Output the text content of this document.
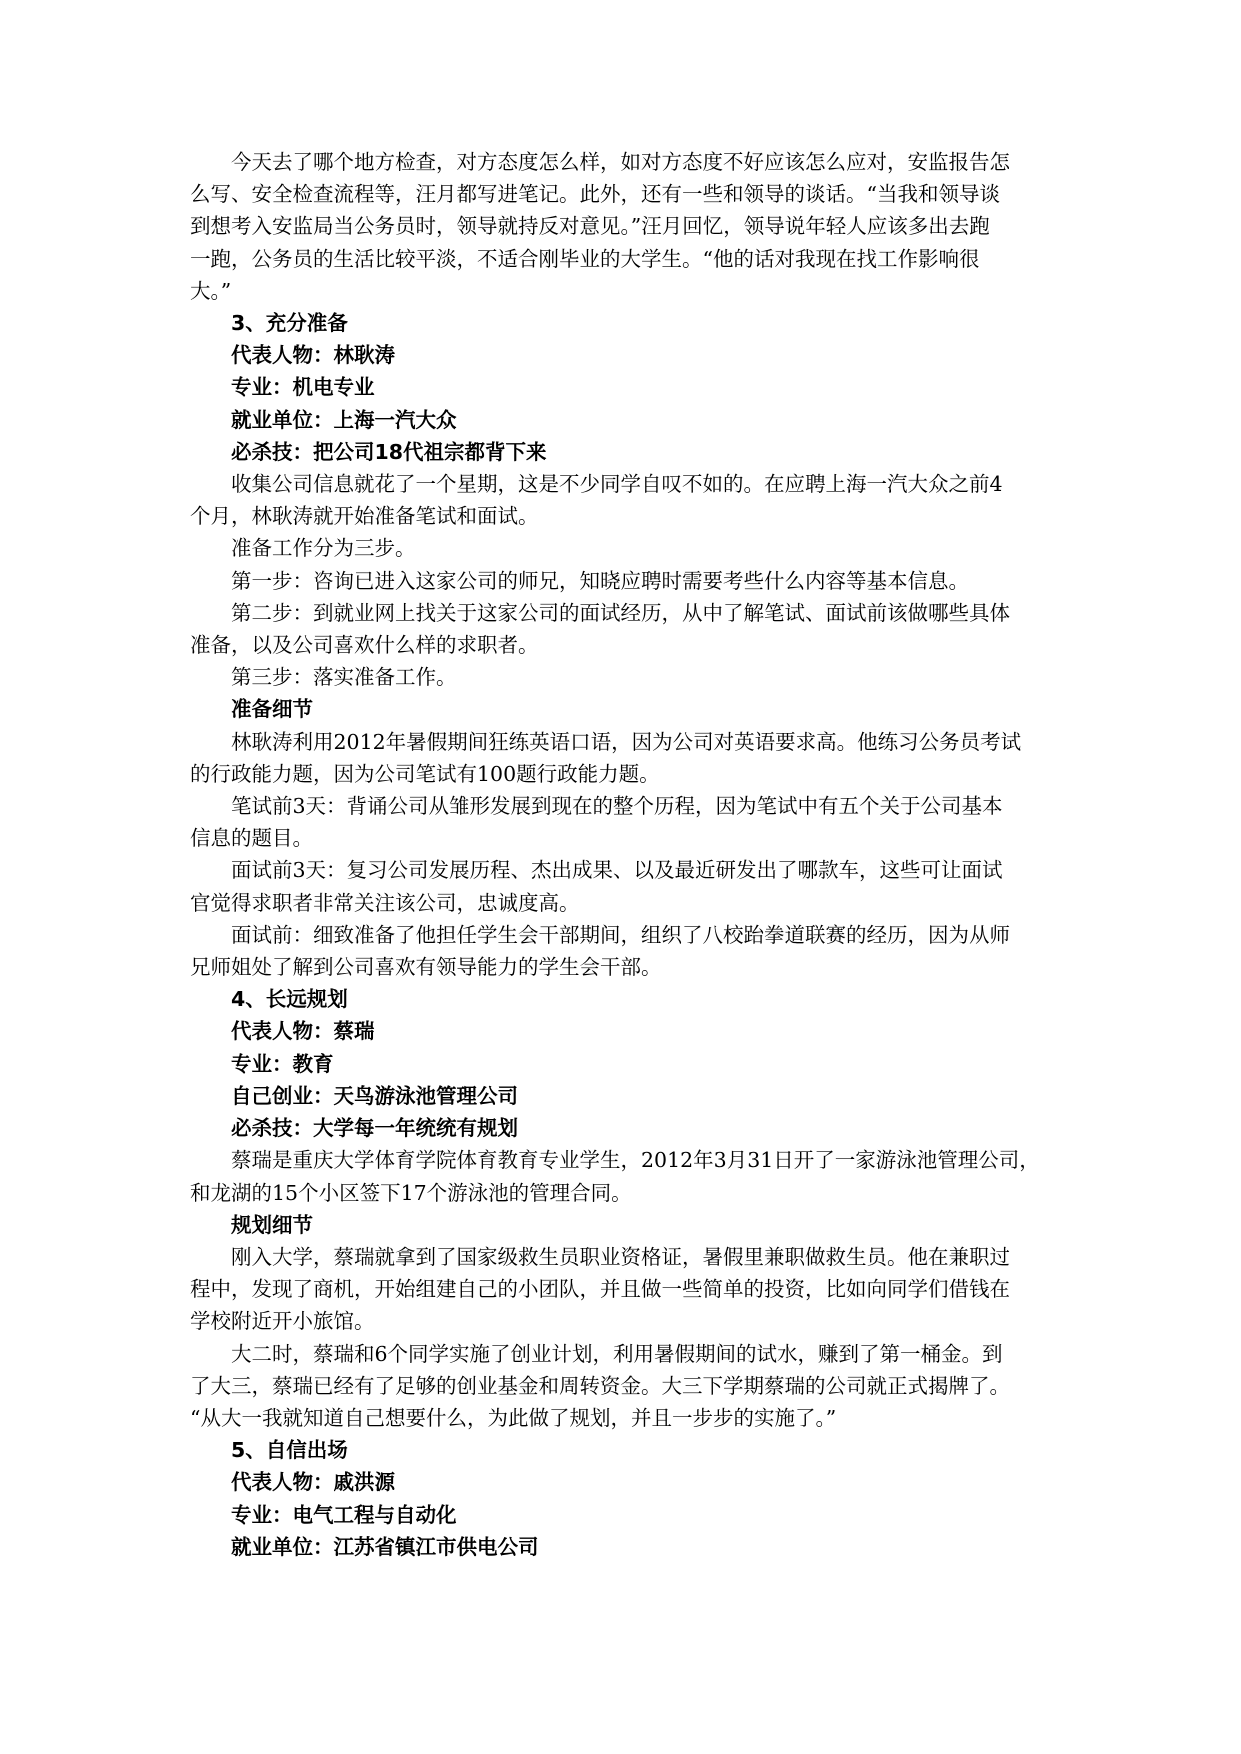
今天去了哪个地方检查，对方态度怎么样，如对方态度不好应该怎么应对，安监报告怎

么写、安全检查流程等，汪月都写进笔记。此外，还有一些和领导的谈话。“当我和领导谈

到想考入安监局当公务员时，领导就持反对意见。”汪月回忆，领导说年轻人应该多出去跑

一跑，公务员的生活比较平淡，不适合刚毕业的大学生。“他的话对我现在找工作影响很

大。”

3、充分准备

代表人物：林耿涛

专业：机电专业

就业单位：上海一汽大众

必杀技：把公司18代祖宗都背下来

收集公司信息就花了一个星期，这是不少同学自叹不如的。在应聘上海一汽大众之前4

个月，林耿涛就开始准备笔试和面试。

准备工作分为三步。

第一步：咨询已进入这家公司的师兄，知晓应聘时需要考些什么内容等基本信息。

第二步：到就业网上找关于这家公司的面试经历，从中了解笔试、面试前该做哪些具体

准备，以及公司喜欢什么样的求职者。

第三步：落实准备工作。

准备细节

林耿涛利用2012年暑假期间狂练英语口语，因为公司对英语要求高。他练习公务员考试

的行政能力题，因为公司笔试有100题行政能力题。

笔试前3天：背诵公司从雏形发展到现在的整个历程，因为笔试中有五个关于公司基本

信息的题目。

面试前3天：复习公司发展历程、杰出成果、以及最近研发出了哪款车，这些可让面试

官觉得求职者非常关注该公司，忠诚度高。

面试前：细致准备了他担任学生会干部期间，组织了八校跆拳道联赛的经历，因为从师

兄师姐处了解到公司喜欢有领导能力的学生会干部。

4、长远规划

代表人物：蔡瑞

专业：教育

自己创业：天鸟游泳池管理公司

必杀技：大学每一年统统有规划

蔡瑞是重庆大学体育学院体育教育专业学生，2012年3月31日开了一家游泳池管理公司，

和龙湖的15个小区签下17个游泳池的管理合同。

规划细节

刚入大学，蔡瑞就拿到了国家级救生员职业资格证，暑假里兼职做救生员。他在兼职过

程中，发现了商机，开始组建自己的小团队，并且做一些简单的投资，比如向同学们借钱在

学校附近开小旅馆。

大二时，蔡瑞和6个同学实施了创业计划，利用暑假期间的试水，赚到了第一桶金。到

了大三，蔡瑞已经有了足够的创业基金和周转资金。大三下学期蔡瑞的公司就正式揭牌了。

“从大一我就知道自己想要什么，为此做了规划，并且一步步的实施了。”

5、自信出场

代表人物：戚洪源

专业：电气工程与自动化

就业单位：江苏省镇江市供电公司
